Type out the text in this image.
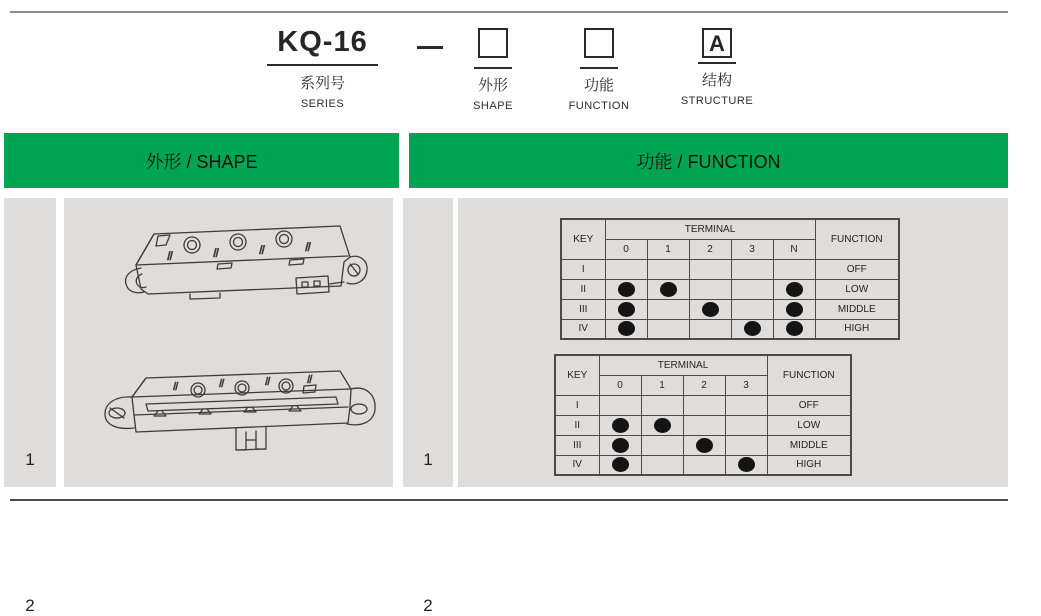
KQ-16
系列号
SERIES
外形
SHAPE
功能
FUNCTION
A
结构
STRUCTURE
外形 / SHAPE	功能 / FUNCTION
1
2
1
2
Ⅱ	Ⅱ	Ⅱ	Ⅱ
Ⅱ	Ⅱ	Ⅱ	Ⅱ
KEY	TERMINAL					FUNCTION
	0	1	2	3	N	
I						OFF
II						LOW
III						MIDDLE
IV						HIGH
KEY	TERMINAL				FUNCTION
	0	1	2	3	
I					OFF
II					LOW
III					MIDDLE
IV					HIGH
